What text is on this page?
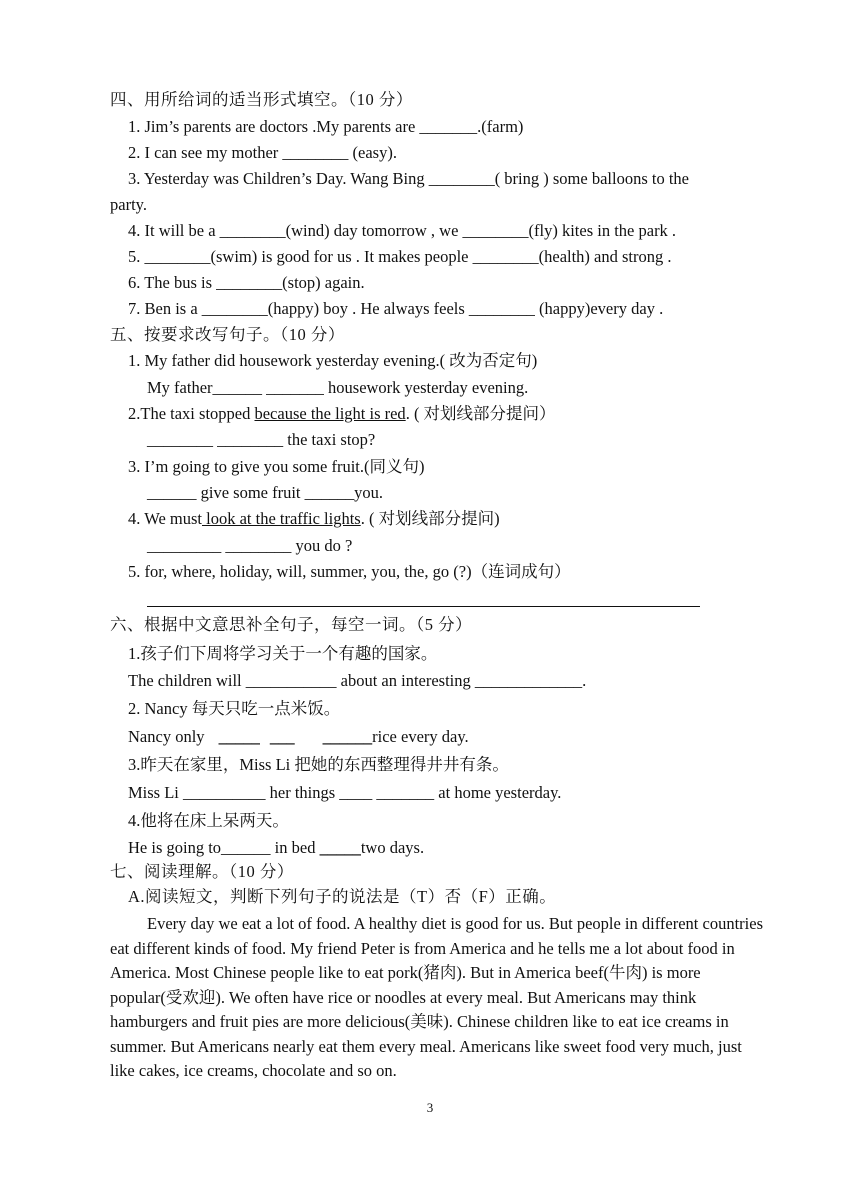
四、用所给词的适当形式填空。（10 分）
1. Jim’s parents are doctors .My parents are _______.(farm)
2. I can see my mother ________ (easy).
3. Yesterday was Children’s Day. Wang Bing ________( bring ) some balloons to the
party.
4. It will be a ________(wind) day tomorrow , we ________(fly) kites in the park .
5. ________(swim) is good for us . It makes people ________(health) and strong .
6. The bus is ________(stop) again.
7. Ben is a ________(happy) boy . He always feels ________ (happy)every day .
五、按要求改写句子。（10 分）
1. My father did housework yesterday evening.( 改为否定句)
My father______ _______ housework yesterday evening.
2.The taxi stopped because the light is red. ( 对划线部分提问）
________ ________ the taxi stop?
3. I’m going to give you some fruit.(同义句)
______ give some fruit ______you.
4. We must look at the traffic lights. ( 对划线部分提问)
_________ ________ you do ?
5. for, where, holiday, will, summer, you, the, go (?)（连词成句）
六、根据中文意思补全句子，每空一词。（5 分）
1.孩子们下周将学习关于一个有趣的国家。
The children will ___________ about an interesting _____________.
2. Nancy 每天只吃一点米饭。
Nancy only _____ ___ ______rice every day.
3.昨天在家里，Miss Li 把她的东西整理得井井有条。
Miss Li __________ her things ____ _______ at home yesterday.
4.他将在床上呆两天。
He is going to______ in bed _____two days.
七、阅读理解。（10 分）
A.阅读短文，判断下列句子的说法是（T）否（F）正确。
Every day we eat a lot of food. A healthy diet is good for us. But people in different countries eat different kinds of food. My friend Peter is from America and he tells me a lot about food in America. Most Chinese people like to eat pork(猪肉). But in America beef(牛肉) is more popular(受欢迎). We often have rice or noodles at every meal. But Americans may think hamburgers and fruit pies are more delicious(美味). Chinese children like to eat ice creams in summer. But Americans nearly eat them every meal. Americans like sweet food very much, just like cakes, ice creams, chocolate and so on.
3
